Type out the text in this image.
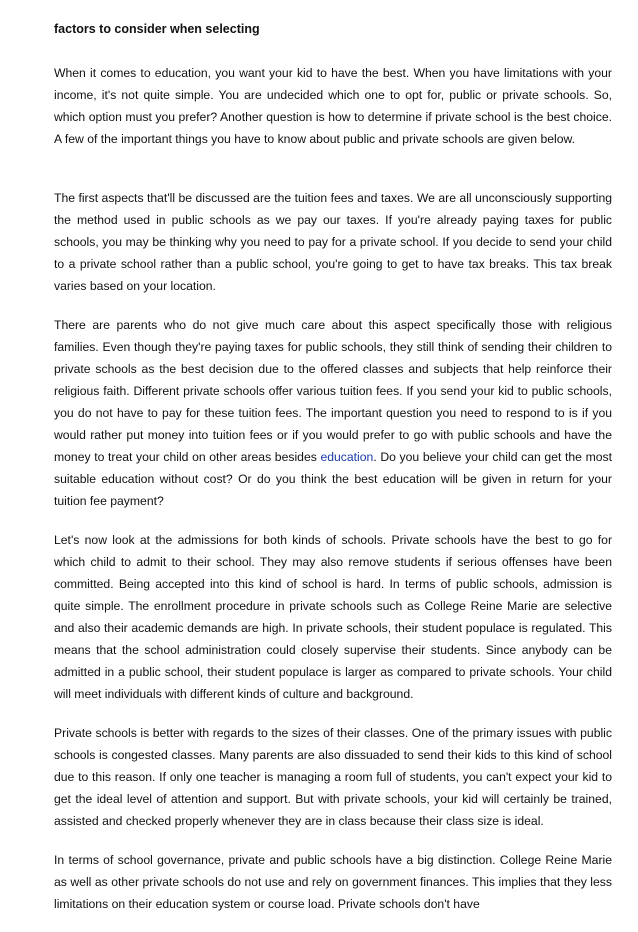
factors to consider when selecting

When it comes to education, you want your kid to have the best. When you have limitations with your income, it's not quite simple. You are undecided which one to opt for, public or private schools. So, which option must you prefer? Another question is how to determine if private school is the best choice. A few of the important things you have to know about public and private schools are given below.

The first aspects that'll be discussed are the tuition fees and taxes. We are all unconsciously supporting the method used in public schools as we pay our taxes. If you're already paying taxes for public schools, you may be thinking why you need to pay for a private school. If you decide to send your child to a private school rather than a public school, you're going to get to have tax breaks. This tax break varies based on your location.

There are parents who do not give much care about this aspect specifically those with religious families. Even though they're paying taxes for public schools, they still think of sending their children to private schools as the best decision due to the offered classes and subjects that help reinforce their religious faith. Different private schools offer various tuition fees. If you send your kid to public schools, you do not have to pay for these tuition fees. The important question you need to respond to is if you would rather put money into tuition fees or if you would prefer to go with public schools and have the money to treat your child on other areas besides education. Do you believe your child can get the most suitable education without cost? Or do you think the best education will be given in return for your tuition fee payment?

Let's now look at the admissions for both kinds of schools. Private schools have the best to go for which child to admit to their school. They may also remove students if serious offenses have been committed. Being accepted into this kind of school is hard. In terms of public schools, admission is quite simple. The enrollment procedure in private schools such as College Reine Marie are selective and also their academic demands are high. In private schools, their student populace is regulated. This means that the school administration could closely supervise their students. Since anybody can be admitted in a public school, their student populace is larger as compared to private schools. Your child will meet individuals with different kinds of culture and background.

Private schools is better with regards to the sizes of their classes. One of the primary issues with public schools is congested classes. Many parents are also dissuaded to send their kids to this kind of school due to this reason. If only one teacher is managing a room full of students, you can't expect your kid to get the ideal level of attention and support. But with private schools, your kid will certainly be trained, assisted and checked properly whenever they are in class because their class size is ideal.

In terms of school governance, private and public schools have a big distinction. College Reine Marie as well as other private schools do not use and rely on government finances. This implies that they less limitations on their education system or course load. Private schools don't have
